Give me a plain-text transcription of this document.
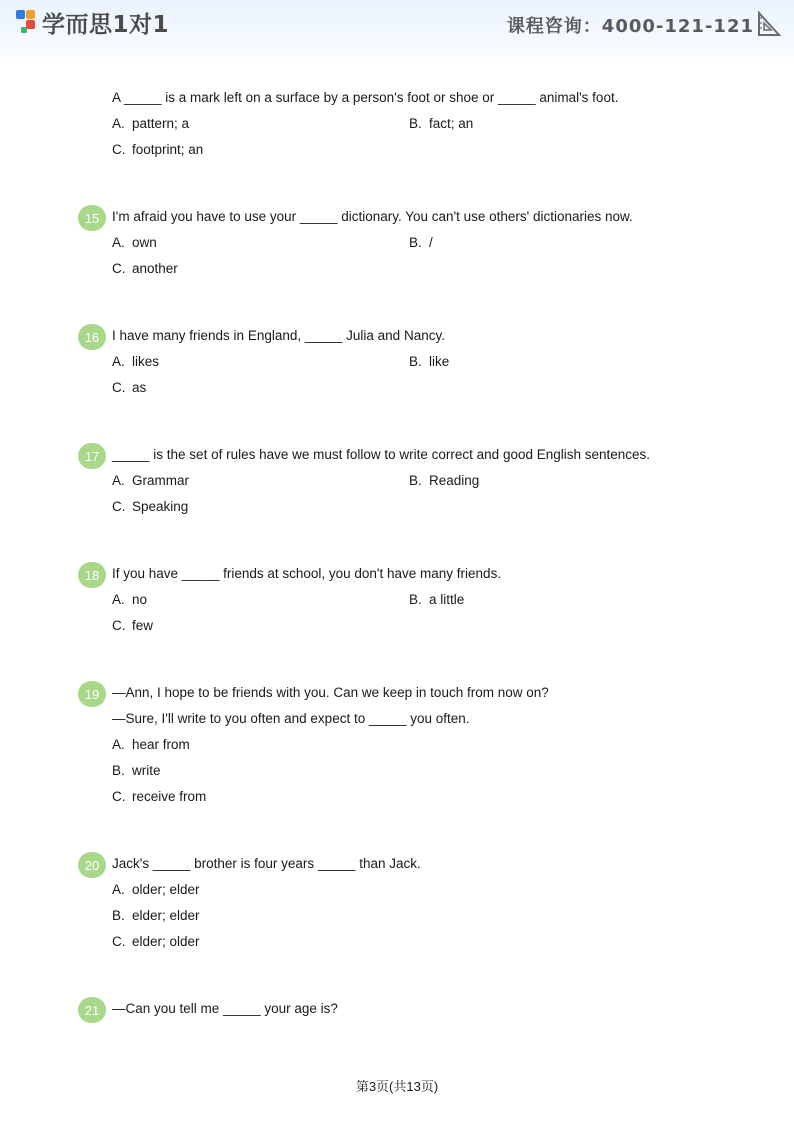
学而思1对1	课程咨询：4000-121-121
A _____ is a mark left on a surface by a person's foot or shoe or _____ animal's foot.
A. pattern; a	B. fact; an
C. footprint; an
15 I'm afraid you have to use your _____ dictionary. You can't use others' dictionaries now.
A. own	B. /
C. another
16 I have many friends in England, _____ Julia and Nancy.
A. likes	B. like
C. as
17 _____ is the set of rules have we must follow to write correct and good English sentences.
A. Grammar	B. Reading
C. Speaking
18 If you have _____ friends at school, you don't have many friends.
A. no	B. a little
C. few
19 —Ann, I hope to be friends with you. Can we keep in touch from now on?
—Sure, I'll write to you often and expect to _____ you often.
A. hear from
B. write
C. receive from
20 Jack's _____ brother is four years _____ than Jack.
A. older; elder
B. elder; elder
C. elder; older
21 —Can you tell me _____ your age is?
第3页(共13页)
